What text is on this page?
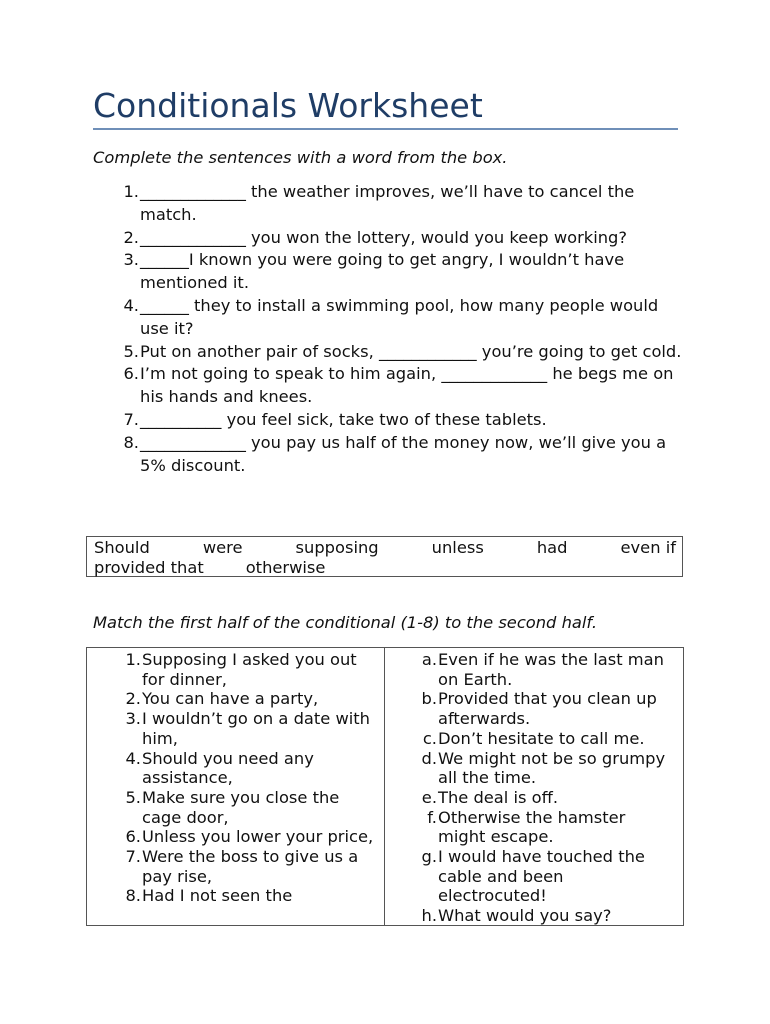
Conditionals Worksheet

Complete the sentences with a word from the box.

1. _____________ the weather improves, we’ll have to cancel the match.
2. _____________ you won the lottery, would you keep working?
3. ______I known you were going to get angry, I wouldn’t have mentioned it.
4. ______ they to install a swimming pool, how many people would use it?
5. Put on another pair of socks, ____________ you’re going to get cold.
6. I’m not going to speak to him again, _____________ he begs me on his hands and knees.
7. __________ you feel sick, take two of these tablets.
8. _____________ you pay us half of the money now, we’ll give you a 5% discount.
Should	were	supposing	unless	had	even if
provided that	otherwise

Match the first half of the conditional (1-8) to the second half.

1. Supposing I asked you out for dinner,
2. You can have a party,
3. I wouldn’t go on a date with him,
4. Should you need any assistance,
5. Make sure you close the cage door,
6. Unless you lower your price,
7. Were the boss to give us a pay rise,
8. Had I not seen the
a. Even if he was the last man on Earth.
b. Provided that you clean up afterwards.
c. Don’t hesitate to call me.
d. We might not be so grumpy all the time.
e. The deal is off.
f. Otherwise the hamster might escape.
g. I would have touched the cable and been electrocuted!
h. What would you say?
